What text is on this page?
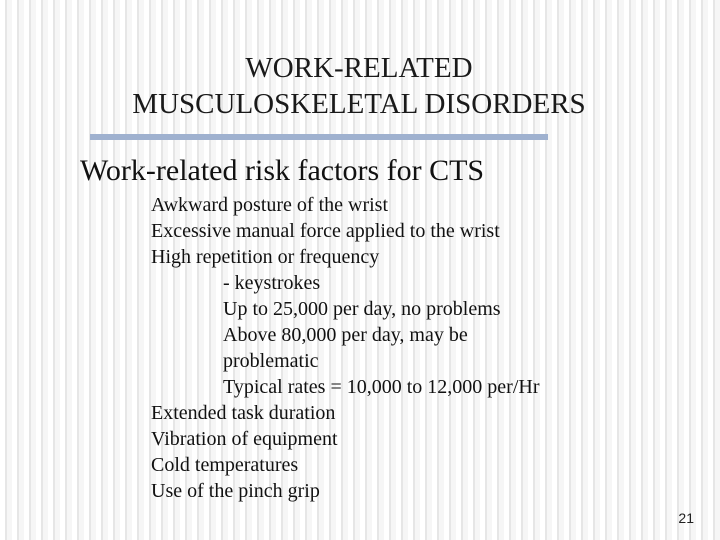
WORK-RELATED
MUSCULOSKELETAL DISORDERS
Work-related risk factors for CTS
Awkward posture of the wrist
Excessive manual force applied to the wrist
High repetition or frequency
- keystrokes
Up to 25,000 per day, no problems
Above 80,000 per day, may be
problematic
Typical rates = 10,000 to 12,000 per/Hr
Extended task duration
Vibration of equipment
Cold temperatures
Use of the pinch grip
21
